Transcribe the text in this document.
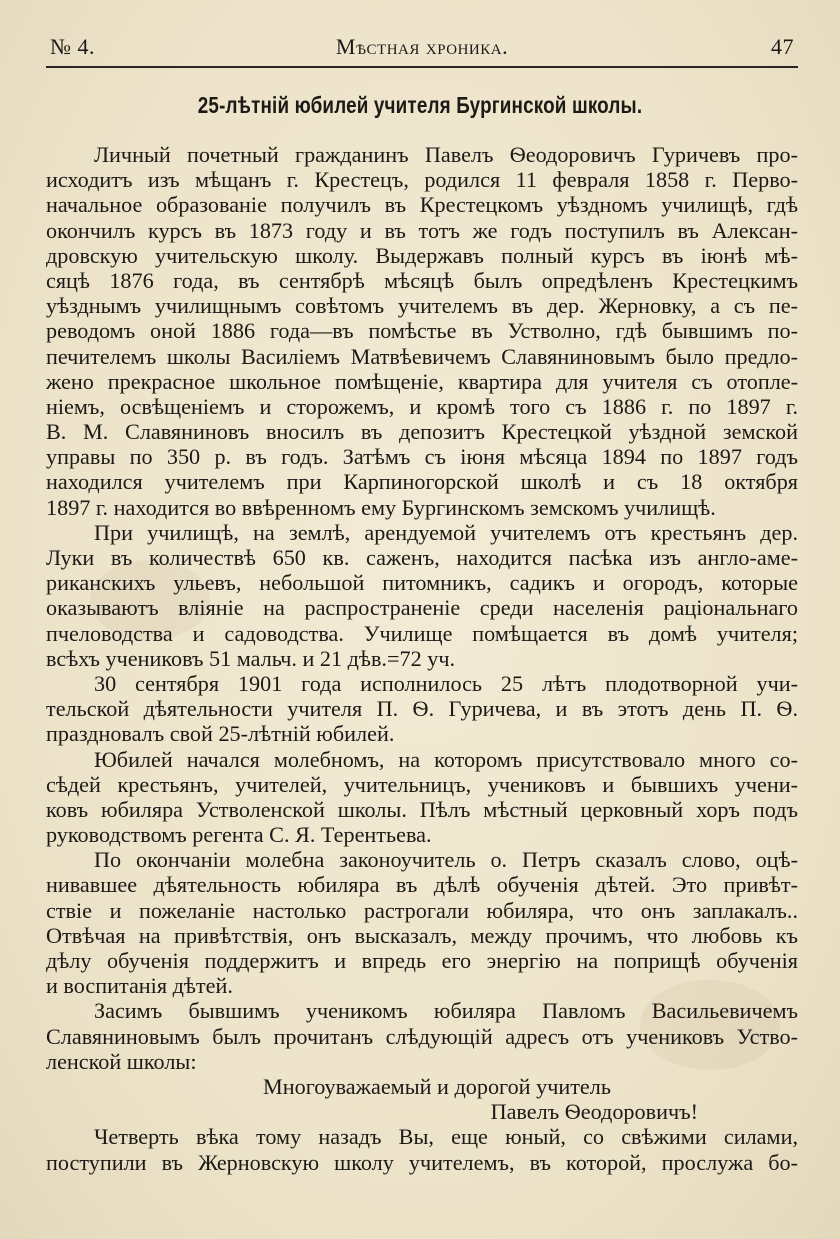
№ 4.	Мѣстная хроника.	47
25-лѣтній юбилей учителя Бургинской школы.
Личный почетный гражданинъ Павелъ Ѳеодоровичъ Гуричевъ про-
исходитъ изъ мѣщанъ г. Крестецъ, родился 11 февраля 1858 г. Перво-
начальное образованіе получилъ въ Крестецкомъ уѣздномъ училищѣ, гдѣ
окончилъ курсъ въ 1873 году и въ тотъ же годъ поступилъ въ Алексан-
дровскую учительскую школу. Выдержавъ полный курсъ въ іюнѣ мѣ-
сяцѣ 1876 года, въ сентябрѣ мѣсяцѣ былъ опредѣленъ Крестецкимъ
уѣзднымъ училищнымъ совѣтомъ учителемъ въ дер. Жерновку, а съ пе-
реводомъ оной 1886 года—въ помѣстье въ Устволно, гдѣ бывшимъ по-
печителемъ школы Василіемъ Матвѣевичемъ Славяниновымъ было предло-
жено прекрасное школьное помѣщеніе, квартира для учителя съ отопле-
ніемъ, освѣщеніемъ и сторожемъ, и кромѣ того съ 1886 г. по 1897 г.
В. М. Славяниновъ вносилъ въ депозитъ Крестецкой уѣздной земской
управы по 350 р. въ годъ. Затѣмъ съ іюня мѣсяца 1894 по 1897 годъ
находился учителемъ при Карпиногорской школѣ и съ 18 октября
1897 г. находится во ввѣренномъ ему Бургинскомъ земскомъ училищѣ.
При училищѣ, на землѣ, арендуемой учителемъ отъ крестьянъ дер.
Луки въ количествѣ 650 кв. саженъ, находится пасѣка изъ англо-аме-
риканскихъ ульевъ, небольшой питомникъ, садикъ и огородъ, которые
оказываютъ вліяніе на распространеніе среди населенія раціональнаго
пчеловодства и садоводства. Училище помѣщается въ домѣ учителя;
всѣхъ учениковъ 51 мальч. и 21 дѣв.=72 уч.
30 сентября 1901 года исполнилось 25 лѣтъ плодотворной учи-
тельской дѣятельности учителя П. Ѳ. Гуричева, и въ этотъ день П. Ѳ.
праздновалъ свой 25-лѣтній юбилей.
Юбилей начался молебномъ, на которомъ присутствовало много со-
сѣдей крестьянъ, учителей, учительницъ, учениковъ и бывшихъ учени-
ковъ юбиляра Устволенской школы. Пѣлъ мѣстный церковный хоръ подъ
руководствомъ регента С. Я. Терентьева.
По окончаніи молебна законоучитель о. Петръ сказалъ слово, оцѣ-
нивавшее дѣятельность юбиляра въ дѣлѣ обученія дѣтей. Это привѣт-
ствіе и пожеланіе настолько растрогали юбиляра, что онъ заплакалъ..
Отвѣчая на привѣтствія, онъ высказалъ, между прочимъ, что любовь къ
дѣлу обученія поддержитъ и впредь его энергію на поприщѣ обученія
и воспитанія дѣтей.
Засимъ бывшимъ ученикомъ юбиляра Павломъ Васильевичемъ
Славяниновымъ былъ прочитанъ слѣдующій адресъ отъ учениковъ Уство-
ленской школы:
Многоуважаемый и дорогой учитель
Павелъ Ѳеодоровичъ!
Четверть вѣка тому назадъ Вы, еще юный, со свѣжими силами,
поступили въ Жерновскую школу учителемъ, въ которой, прослужа бо-
